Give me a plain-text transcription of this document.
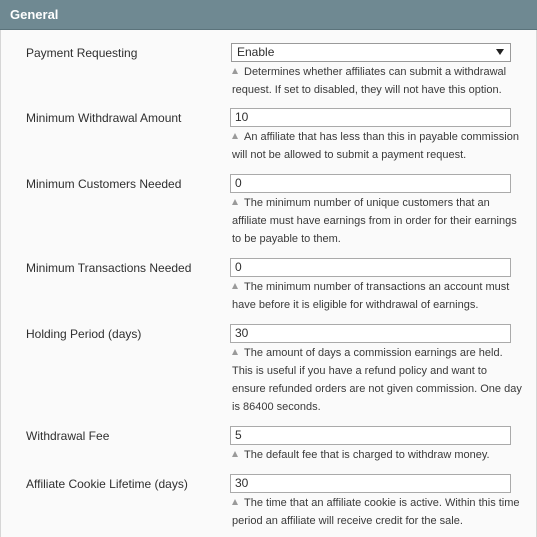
General
Payment Requesting	Enable
Determines whether affiliates can submit a withdrawal request. If set to disabled, they will not have this option.
Minimum Withdrawal Amount	10
An affiliate that has less than this in payable commission will not be allowed to submit a payment request.
Minimum Customers Needed	0
The minimum number of unique customers that an affiliate must have earnings from in order for their earnings to be payable to them.
Minimum Transactions Needed	0
The minimum number of transactions an account must have before it is eligible for withdrawal of earnings.
Holding Period (days)	30
The amount of days a commission earnings are held. This is useful if you have a refund policy and want to ensure refunded orders are not given commission. One day is 86400 seconds.
Withdrawal Fee	5
The default fee that is charged to withdraw money.
Affiliate Cookie Lifetime (days)	30
The time that an affiliate cookie is active. Within this time period an affiliate will receive credit for the sale.
